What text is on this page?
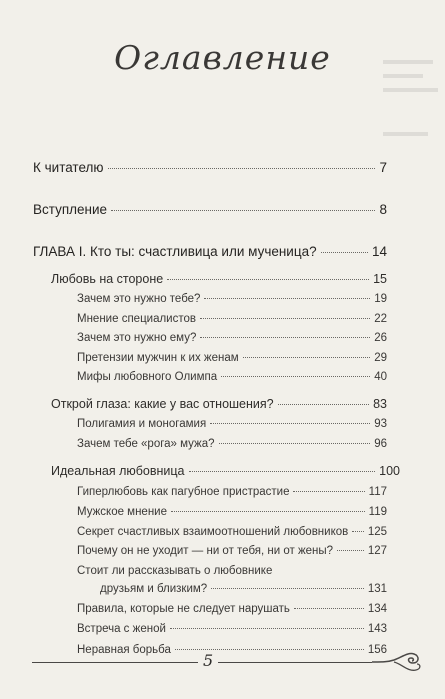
Оглавление
К читателю	7
Вступление	8
ГЛАВА I. Кто ты: счастливица или мученица?	14
Любовь на стороне	15
Зачем это нужно тебе?	19
Мнение специалистов	22
Зачем это нужно ему?	26
Претензии мужчин к их женам	29
Мифы любовного Олимпа	40
Открой глаза: какие у вас отношения?	83
Полигамия и моногамия	93
Зачем тебе «рога» мужа?	96
Идеальная любовница	100
Гиперлюбовь как пагубное пристрастие	117
Мужское мнение	119
Секрет счастливых взаимоотношений любовников 125
Почему он не уходит — ни от тебя, ни от жены?	127
Стоит ли рассказывать о любовнике
друзьям и близким?	131
Правила, которые не следует нарушать	134
Встреча с женой	143
Неравная борьба	156
5
